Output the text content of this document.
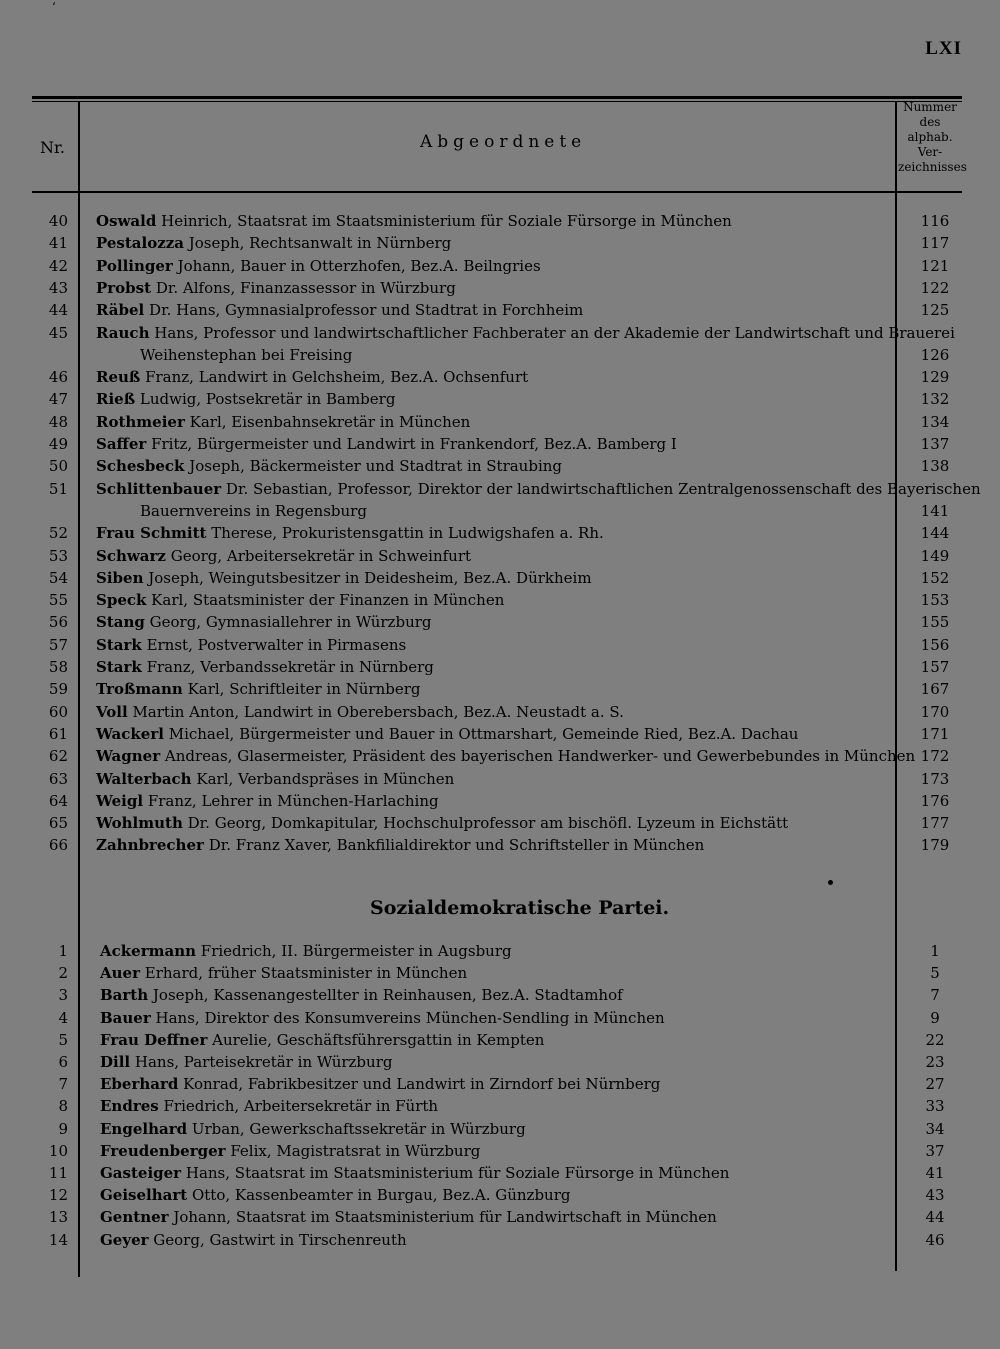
‘
LXI
Nr.	Abgeordnete
Nummer
des
alphab.
Ver-
zeichnisses
40 Oswald Heinrich, Staatsrat im Staatsministerium für Soziale Fürsorge in München	116
41 Pestalozza Joseph, Rechtsanwalt in Nürnberg	117
42 Pollinger Johann, Bauer in Otterzhofen, Bez.A. Beilngries	121
43 Probst Dr. Alfons, Finanzassessor in Würzburg	122
44 Räbel Dr. Hans, Gymnasialprofessor und Stadtrat in Forchheim	125
45 Rauch Hans, Professor und landwirtschaftlicher Fachberater an der Akademie der Landwirtschaft und Brauerei
Weihenstephan bei Freising	126
46 Reuß Franz, Landwirt in Gelchsheim, Bez.A. Ochsenfurt	129
47 Rieß Ludwig, Postsekretär in Bamberg	132
48 Rothmeier Karl, Eisenbahnsekretär in München	134
49 Saffer Fritz, Bürgermeister und Landwirt in Frankendorf, Bez.A. Bamberg I	137
50 Schesbeck Joseph, Bäckermeister und Stadtrat in Straubing	138
51 Schlittenbauer Dr. Sebastian, Professor, Direktor der landwirtschaftlichen Zentralgenossenschaft des Bayerischen
Bauernvereins in Regensburg	141
52 Frau Schmitt Therese, Prokuristensgattin in Ludwigshafen a. Rh.	144
53 Schwarz Georg, Arbeitersekretär in Schweinfurt	149
54 Siben Joseph, Weingutsbesitzer in Deidesheim, Bez.A. Dürkheim	152
55 Speck Karl, Staatsminister der Finanzen in München	153
56 Stang Georg, Gymnasiallehrer in Würzburg	155
57 Stark Ernst, Postverwalter in Pirmasens	156
58 Stark Franz, Verbandssekretär in Nürnberg	157
59 Troßmann Karl, Schriftleiter in Nürnberg	167
60 Voll Martin Anton, Landwirt in Oberebersbach, Bez.A. Neustadt a. S.	170
61 Wackerl Michael, Bürgermeister und Bauer in Ottmarshart, Gemeinde Ried, Bez.A. Dachau	171
62 Wagner Andreas, Glasermeister, Präsident des bayerischen Handwerker- und Gewerbebundes in München 172
63 Walterbach Karl, Verbandspräses in München	173
64 Weigl Franz, Lehrer in München-Harlaching	176
65 Wohlmuth Dr. Georg, Domkapitular, Hochschulprofessor am bischöfl. Lyzeum in Eichstätt	177
66 Zahnbrecher Dr. Franz Xaver, Bankfilialdirektor und Schriftsteller in München	179
Sozialdemokratische Partei.
1 Ackermann Friedrich, II. Bürgermeister in Augsburg	1
2 Auer Erhard, früher Staatsminister in München	5
3 Barth Joseph, Kassenangestellter in Reinhausen, Bez.A. Stadtamhof	7
4 Bauer Hans, Direktor des Konsumvereins München-Sendling in München	9
5 Frau Deffner Aurelie, Geschäftsführersgattin in Kempten	22
6 Dill Hans, Parteisekretär in Würzburg	23
7 Eberhard Konrad, Fabrikbesitzer und Landwirt in Zirndorf bei Nürnberg	27
8 Endres Friedrich, Arbeitersekretär in Fürth	33
9 Engelhard Urban, Gewerkschaftssekretär in Würzburg	34
10 Freudenberger Felix, Magistratsrat in Würzburg	37
11 Gasteiger Hans, Staatsrat im Staatsministerium für Soziale Fürsorge in München	41
12 Geiselhart Otto, Kassenbeamter in Burgau, Bez.A. Günzburg	43
13 Gentner Johann, Staatsrat im Staatsministerium für Landwirtschaft in München	44
14 Geyer Georg, Gastwirt in Tirschenreuth	46
